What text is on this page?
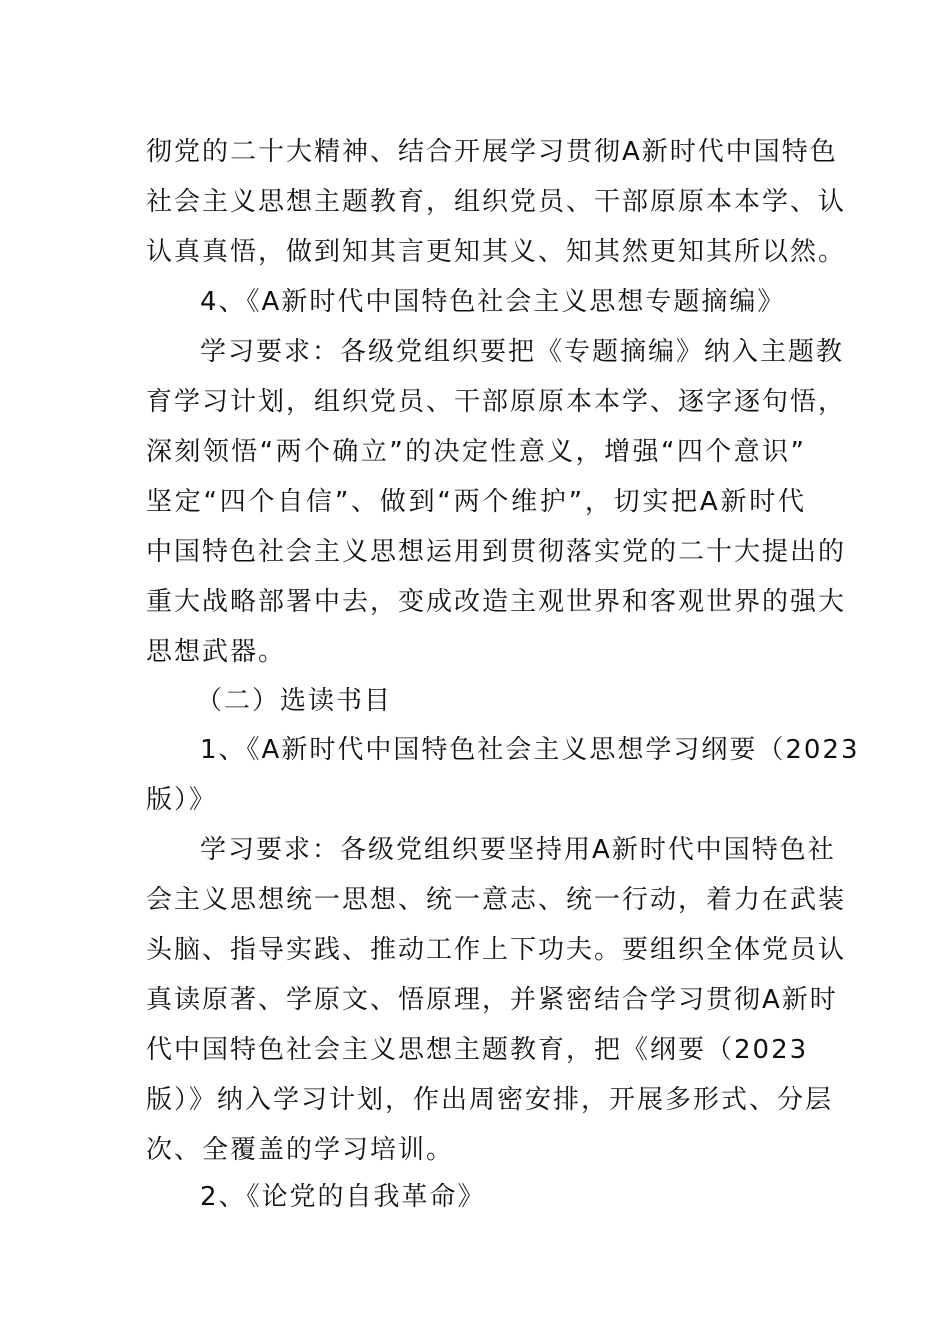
彻党的二十大精神、结合开展学习贯彻A新时代中国特色
社会主义思想主题教育，组织党员、干部原原本本学、认
认真真悟，做到知其言更知其义、知其然更知其所以然。
4、《A新时代中国特色社会主义思想专题摘编》
学习要求：各级党组织要把《专题摘编》纳入主题教
育学习计划，组织党员、干部原原本本学、逐字逐句悟，
深刻领悟“两个确立”的决定性意义，增强“四个意识”
坚定“四个自信”、做到“两个维护”，切实把A新时代
中国特色社会主义思想运用到贯彻落实党的二十大提出的
重大战略部署中去，变成改造主观世界和客观世界的强大
思想武器。
（二）选读书目
1、《A新时代中国特色社会主义思想学习纲要（2023
版）》
学习要求：各级党组织要坚持用A新时代中国特色社
会主义思想统一思想、统一意志、统一行动，着力在武装
头脑、指导实践、推动工作上下功夫。要组织全体党员认
真读原著、学原文、悟原理，并紧密结合学习贯彻A新时
代中国特色社会主义思想主题教育，把《纲要（2023
版）》纳入学习计划，作出周密安排，开展多形式、分层
次、全覆盖的学习培训。
2、《论党的自我革命》
